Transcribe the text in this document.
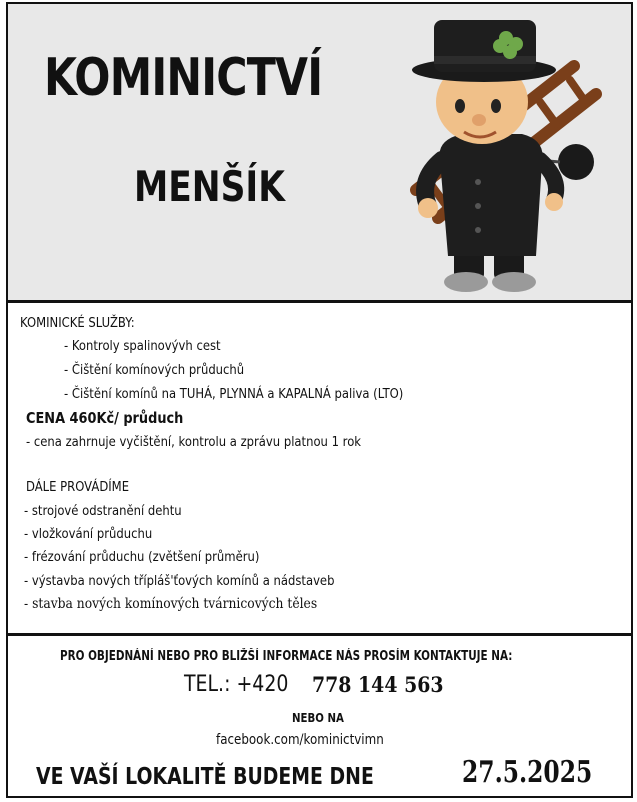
KOMINICTVÍ
MENŠÍK
KOMINICKÉ SLUŽBY:
- Kontroly spalinovývh cest
- Čištění komínových průduchů
- Čištění komínů na TUHÁ, PLYNNÁ a KAPALNÁ paliva (LTO)
CENA 460Kč/ průduch
- cena zahrnuje vyčištění, kontrolu a zprávu platnou 1 rok
DÁLE PROVÁDÍME
- strojové odstranění dehtu
- vložkování průduchu
- frézování průduchu (zvětšení průměru)
- výstavba nových třípláš'ťových komínů a nádstaveb
- stavba nových komínových tvárnicových těles
PRO OBJEDNÁNÍ NEBO PRO BLIŽŠÍ INFORMACE NÁS PROSÍM KONTAKTUJE NA:
TEL.: +420 778 144 563
NEBO NA
facebook.com/kominictvimn
VE VAŠÍ LOKALITĚ BUDEME DNE	27.5.2025
